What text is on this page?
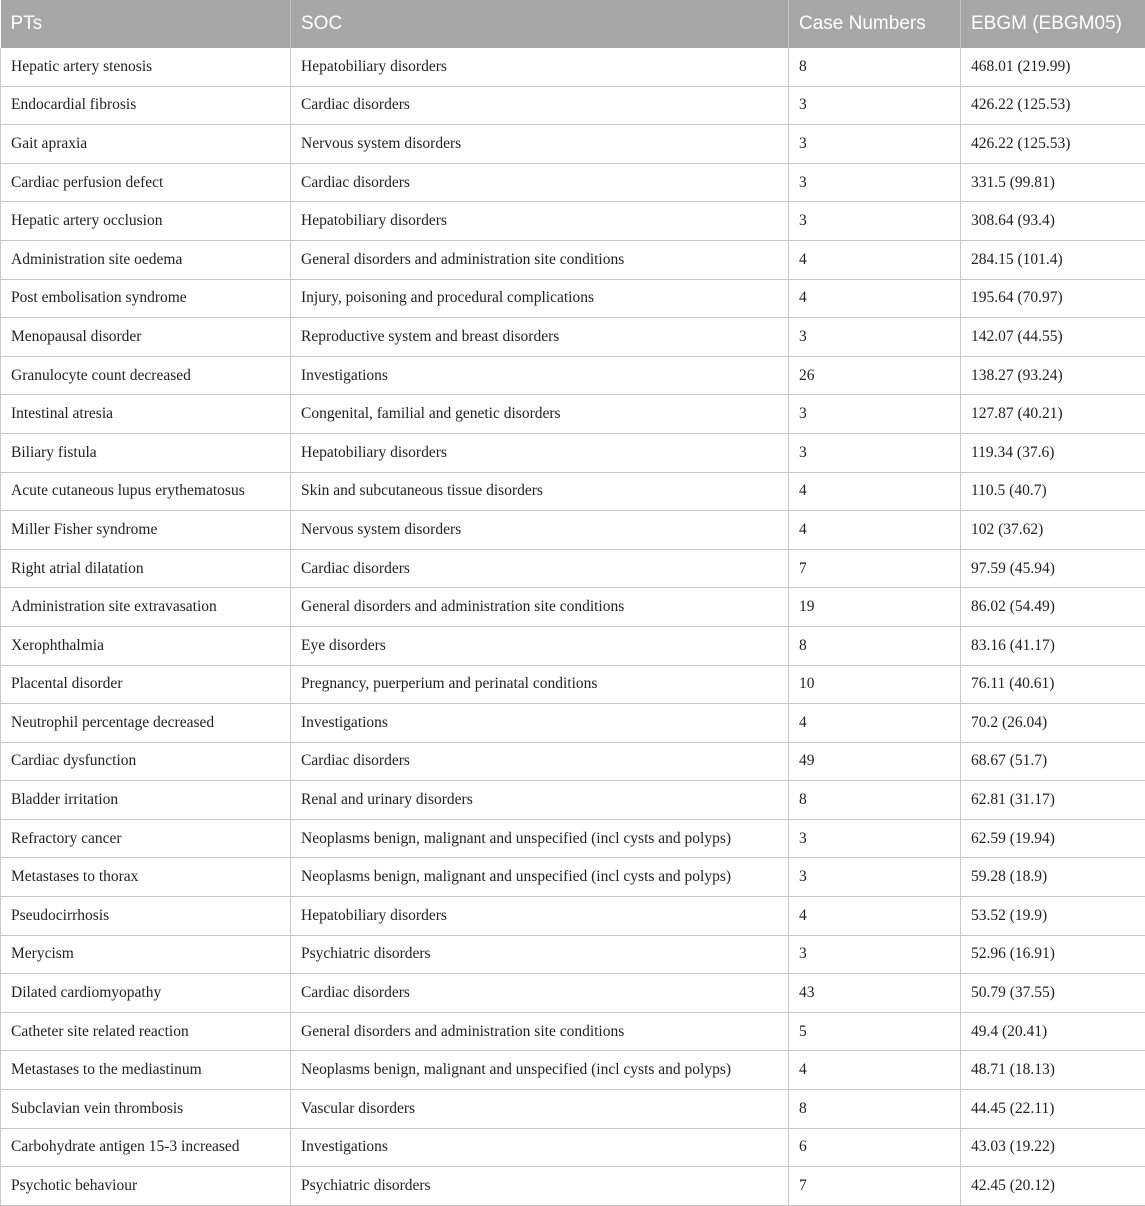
PTs	SOC	Case Numbers	EBGM (EBGM05)
Hepatic artery stenosis	Hepatobiliary disorders	8	468.01 (219.99)
Endocardial fibrosis	Cardiac disorders	3	426.22 (125.53)
Gait apraxia	Nervous system disorders	3	426.22 (125.53)
Cardiac perfusion defect	Cardiac disorders	3	331.5 (99.81)
Hepatic artery occlusion	Hepatobiliary disorders	3	308.64 (93.4)
Administration site oedema	General disorders and administration site conditions	4	284.15 (101.4)
Post embolisation syndrome	Injury, poisoning and procedural complications	4	195.64 (70.97)
Menopausal disorder	Reproductive system and breast disorders	3	142.07 (44.55)
Granulocyte count decreased	Investigations	26	138.27 (93.24)
Intestinal atresia	Congenital, familial and genetic disorders	3	127.87 (40.21)
Biliary fistula	Hepatobiliary disorders	3	119.34 (37.6)
Acute cutaneous lupus erythematosus	Skin and subcutaneous tissue disorders	4	110.5 (40.7)
Miller Fisher syndrome	Nervous system disorders	4	102 (37.62)
Right atrial dilatation	Cardiac disorders	7	97.59 (45.94)
Administration site extravasation	General disorders and administration site conditions	19	86.02 (54.49)
Xerophthalmia	Eye disorders	8	83.16 (41.17)
Placental disorder	Pregnancy, puerperium and perinatal conditions	10	76.11 (40.61)
Neutrophil percentage decreased	Investigations	4	70.2 (26.04)
Cardiac dysfunction	Cardiac disorders	49	68.67 (51.7)
Bladder irritation	Renal and urinary disorders	8	62.81 (31.17)
Refractory cancer	Neoplasms benign, malignant and unspecified (incl cysts and polyps)	3	62.59 (19.94)
Metastases to thorax	Neoplasms benign, malignant and unspecified (incl cysts and polyps)	3	59.28 (18.9)
Pseudocirrhosis	Hepatobiliary disorders	4	53.52 (19.9)
Merycism	Psychiatric disorders	3	52.96 (16.91)
Dilated cardiomyopathy	Cardiac disorders	43	50.79 (37.55)
Catheter site related reaction	General disorders and administration site conditions	5	49.4 (20.41)
Metastases to the mediastinum	Neoplasms benign, malignant and unspecified (incl cysts and polyps)	4	48.71 (18.13)
Subclavian vein thrombosis	Vascular disorders	8	44.45 (22.11)
Carbohydrate antigen 15-3 increased	Investigations	6	43.03 (19.22)
Psychotic behaviour	Psychiatric disorders	7	42.45 (20.12)
